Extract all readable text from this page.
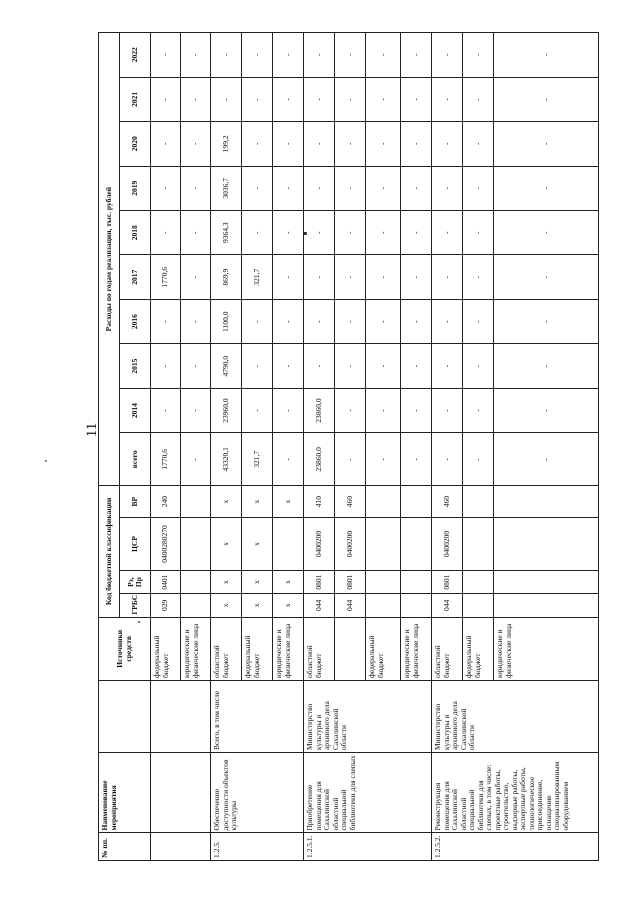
11
№ пп.	Наименование мероприятия		Источники средств	Код бюджетной классификации				Расходы по годам реализации, тыс. рублей									
				ГРБС	Рз, Пр	ЦСР	ВР	всего	2014	2015	2016	2017	2018	2019	2020	2021	2022
			федеральный бюджет	029	0401	0400280270	240	1770,6	-	-	-	1770,6	-	-	-	-	-
			юридические и физические лица					-	-	-	-	-	-	-	-	-	-
1.2.5.	Обеспечение доступности объектов культуры	Всего, в том числе	областной бюджет	x	x	x	x	43320,1	23960,0	4790,0	1100,0	869,9	9364,3	3036,7	199,2	-	-
			федеральный бюджет	x	x	x	x	321,7	-	-	-	321,7	-	-	-	-	-
			юридические и физические лица	x	x		x	-	-	-	-	-	-	-	-	-	-
1.2.5.1.	Приобретение помещения для Сахалинской областной специальной библиотеки для слепых	Министерство культуры и архивного дела Сахалинской области	областной бюджет	044	0801	0400200	410	23860,0	23860,0	-	-	-	-	-	-	-	-
				044	0801	0400200	460	-	-	-	-	-	-	-	-	-	-
			федеральный бюджет					-	-	-	-	-	-	-	-	-	-
			юридические и физические лица					-	-	-	-	-	-	-	-	-	-
1.2.5.2.	Реконструкция помещения для Сахалинской областной специальной библиотеки для слепых, в том числе: проектные работы, строительство, надзорные работы, экспертные работы, технологическое присоединение, оснащение специализированным оборудованием	Министерство культуры и архивного дела Сахалинской области	областной бюджет	044	0801	0400200	460	-	-	-	-	-	-	-	-	-	-
			федеральный бюджет					-	-	-	-	-	-	-	-	-	-
			юридические и физические лица					-	-	-	-	-	-	-	-	-	-
